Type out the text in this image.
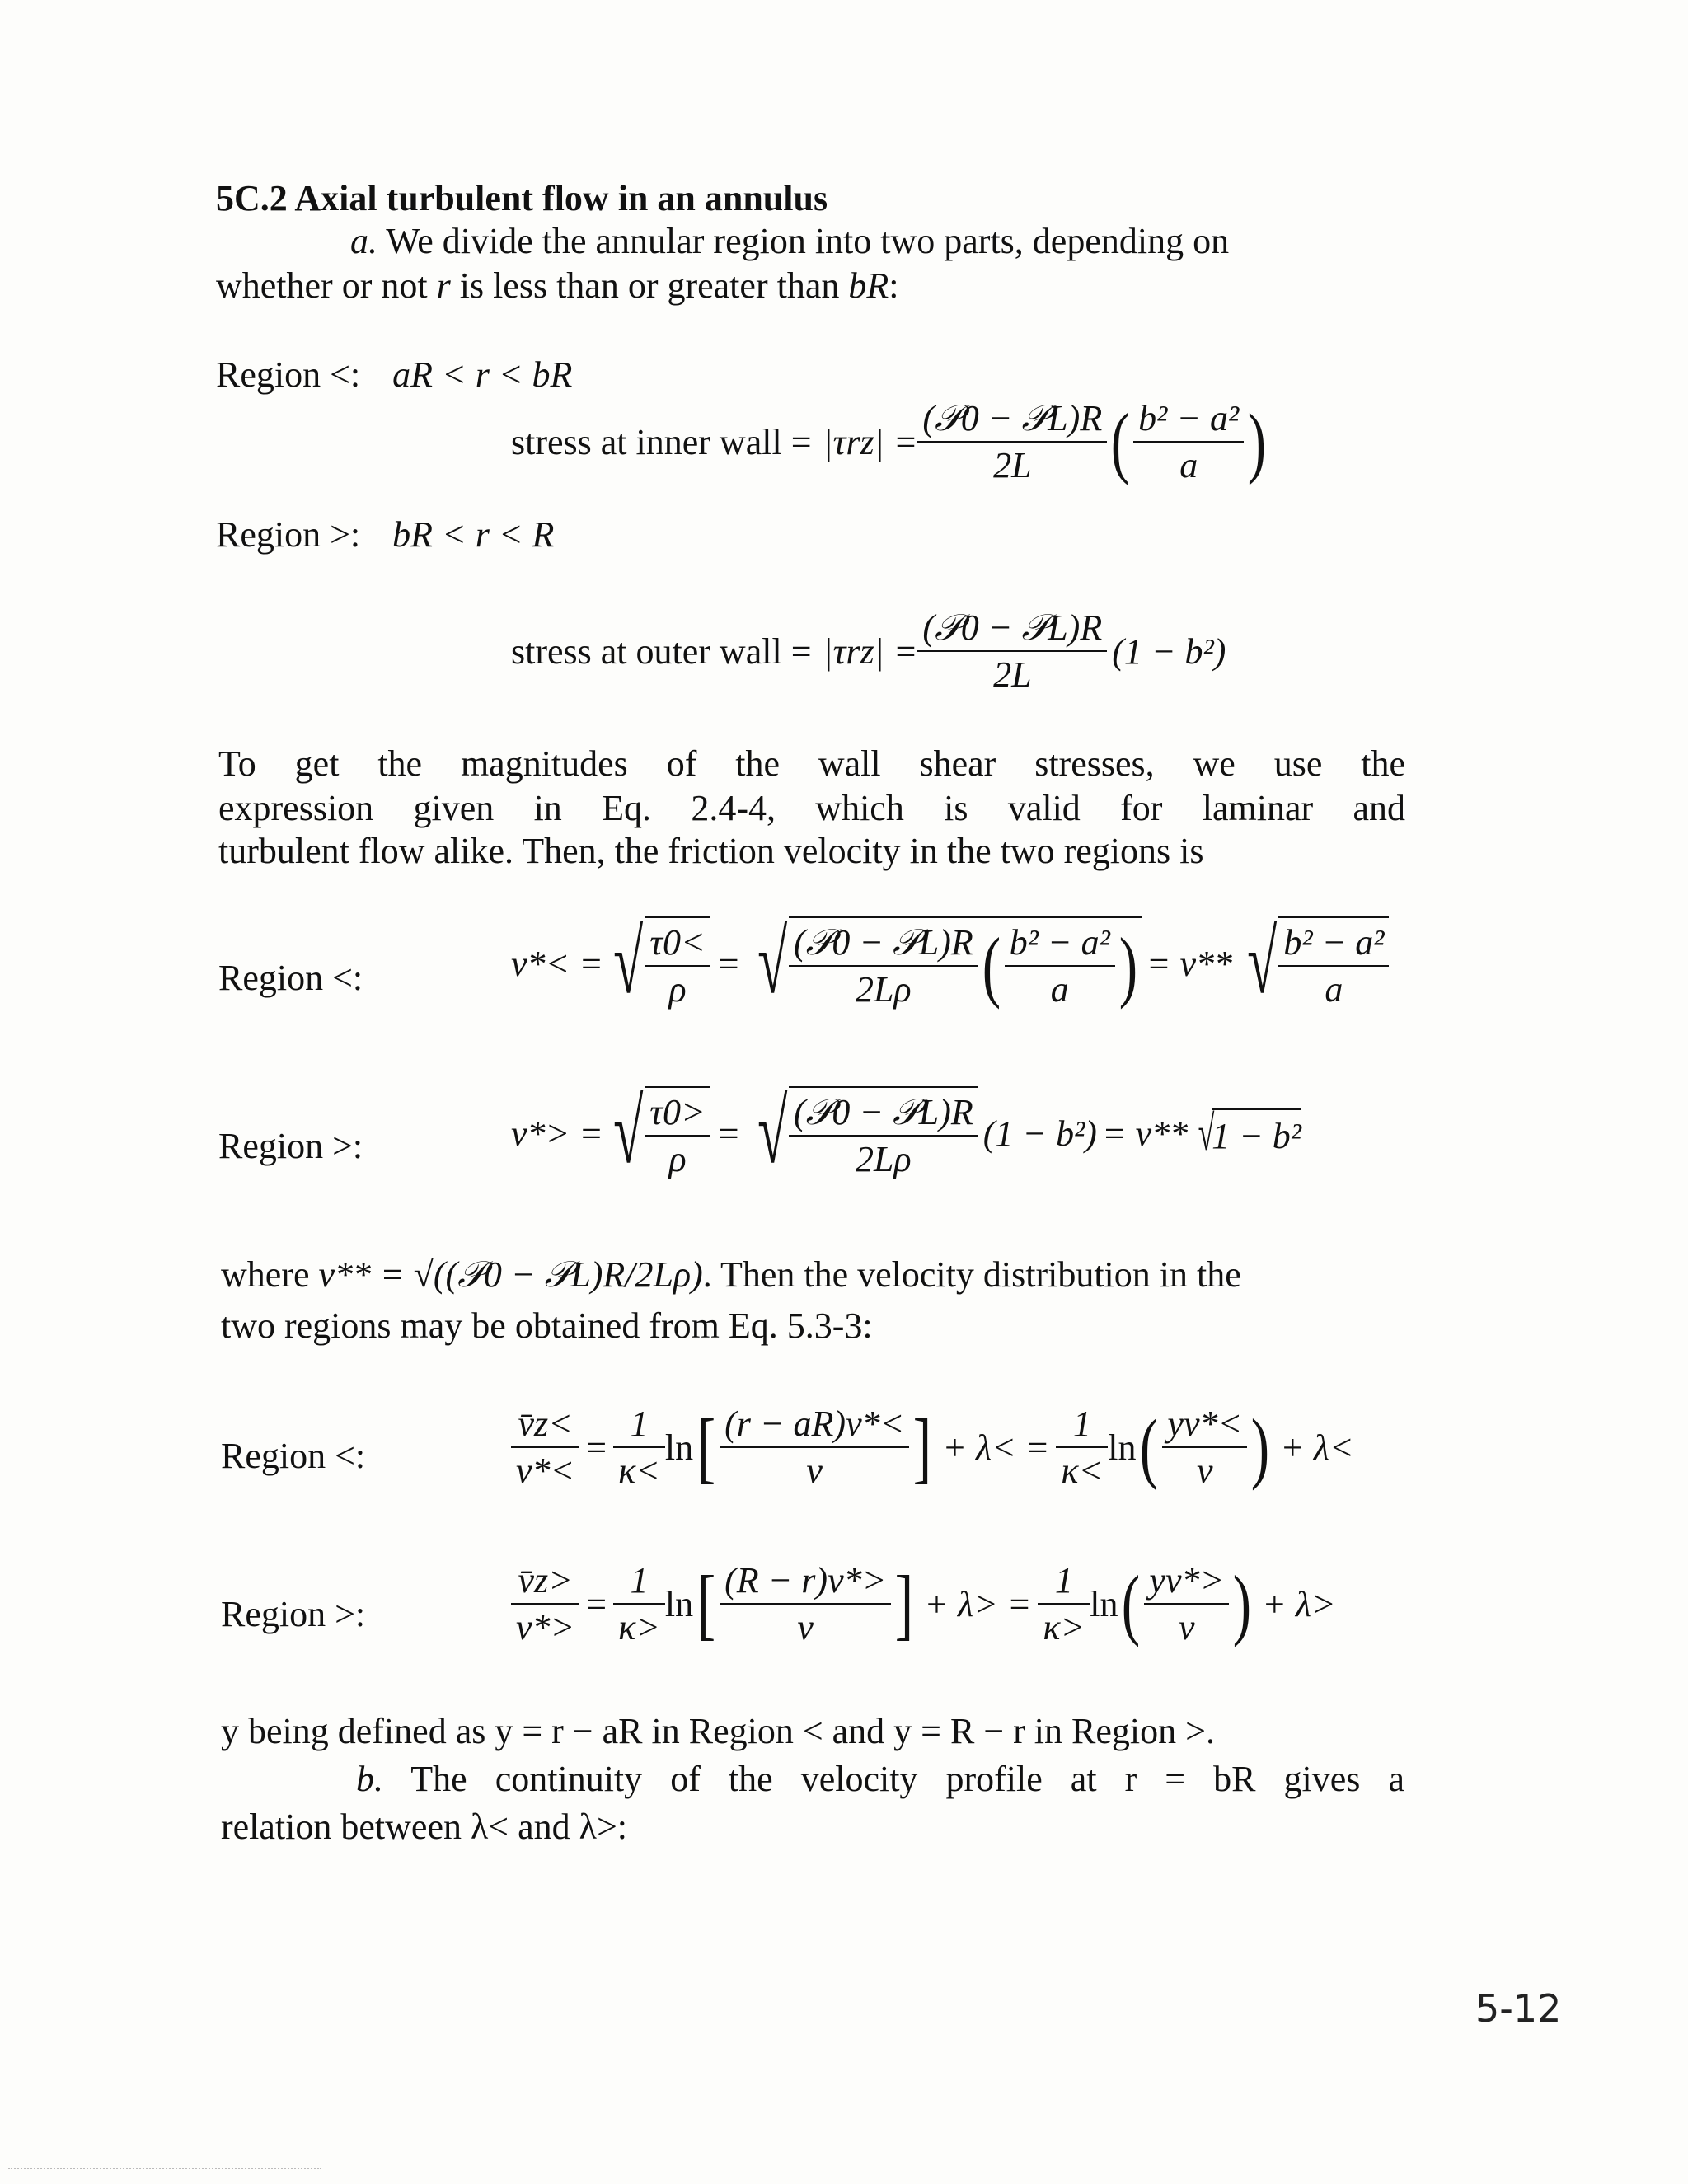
5C.2 Axial turbulent flow in an annulus
a. We divide the annular region into two parts, depending on
whether or not r is less than or greater than bR:
Region <: aR < r < bR
stress at inner wall = $|\tau rz| = \frac{\text{(𝒫0 − 𝒫L)R}}{2L}$ ( $\frac{\text{b² − a²}}{a}$ )
Region >: bR < r < R
stress at outer wall = $|\tau rz| = \frac{\text{(𝒫0 − 𝒫L)R}}{2L} (1 - b^2)$
To get the magnitudes of the wall shear stresses, we use the
expression given in Eq. 2.4-4, which is valid for laminar and
turbulent flow alike. Then, the friction velocity in the two regions is
Region <:	v*< = √ $\frac{\tau 0<}{\rho}$ = √ $\frac{\text{(𝒫0 − 𝒫L)R}}{2L\rho}$ ( $\frac{\text{b² − a²}}{a}$ ) = v** √ $\frac{\text{b² − a²}}{a}$
Region >:	v*> = √ $\frac{\tau 0>}{\rho}$ = √ $\frac{\text{(𝒫0 − 𝒫L)R}}{2L\rho} (1 - b^2) = v**$ √
1 − b²
where v** = √((𝒫0 − 𝒫L)R/2Lρ). Then the velocity distribution in the
two regions may be obtained from Eq. 5.3-3:
Region <:	$\frac{v̄z<}{v*<} = \frac{1}{\kappa<}$ ln [ $\frac{(r - aR)v*<}{\nu}$ ] + $\lambda< = \frac{1}{\kappa<}$ ln ( $\frac{yv*<}{\nu}$ ) + λ<
Region >:	$\frac{v̄z>}{v*>} = \frac{1}{\kappa>}$ ln [ $\frac{(R - r)v*>}{\nu}$ ] + $\lambda> = \frac{1}{\kappa>}$ ln ( $\frac{yv*>}{\nu}$ ) + λ>
y being defined as y = r − aR in Region < and y = R − r in Region >.
b. The continuity of the velocity profile at r = bR gives a
relation between λ< and λ>:
5-12
